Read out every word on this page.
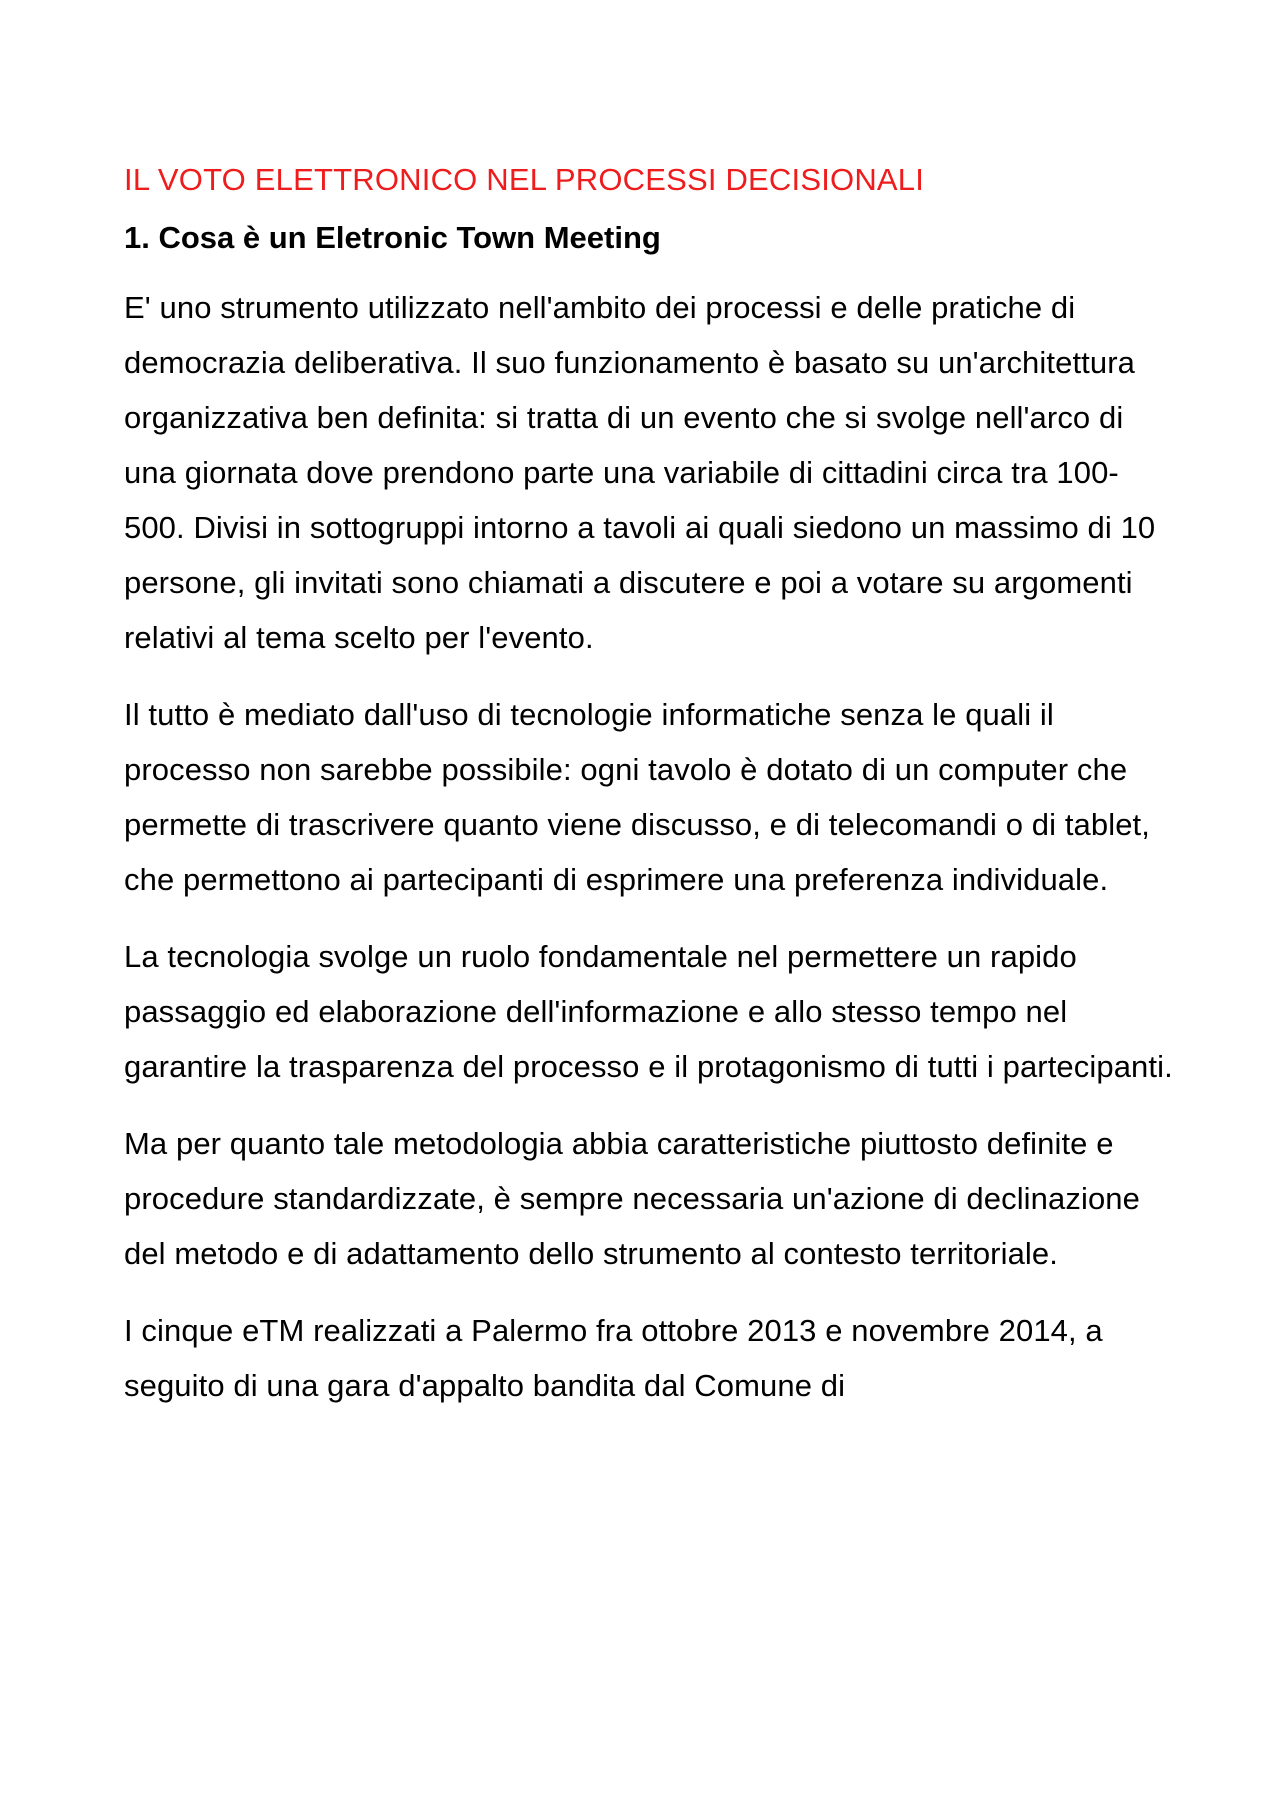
IL VOTO ELETTRONICO NEL PROCESSI DECISIONALI
1. Cosa è un Eletronic Town Meeting

E' uno strumento utilizzato nell'ambito dei processi e delle pratiche di democrazia deliberativa. Il suo funzionamento è basato su un'architettura organizzativa ben definita: si tratta di un evento che si svolge nell'arco di una giornata dove prendono parte una variabile di cittadini circa tra 100-500. Divisi in sottogruppi intorno a tavoli ai quali siedono un massimo di 10 persone, gli invitati sono chiamati a discutere e poi a votare su argomenti relativi al tema scelto per l'evento.

Il tutto è mediato dall'uso di tecnologie informatiche senza le quali il processo non sarebbe possibile: ogni tavolo è dotato di un computer che permette di trascrivere quanto viene discusso, e di telecomandi o di tablet, che permettono ai partecipanti di esprimere una preferenza individuale.

La tecnologia svolge un ruolo fondamentale nel permettere un rapido passaggio ed elaborazione dell'informazione e allo stesso tempo nel garantire la trasparenza del processo e il protagonismo di tutti i partecipanti.

Ma per quanto tale metodologia abbia caratteristiche piuttosto definite e procedure standardizzate, è sempre necessaria un'azione di declinazione del metodo e di adattamento dello strumento al contesto territoriale.

I cinque eTM realizzati a Palermo fra ottobre 2013 e novembre 2014, a seguito di una gara d'appalto bandita dal Comune di
